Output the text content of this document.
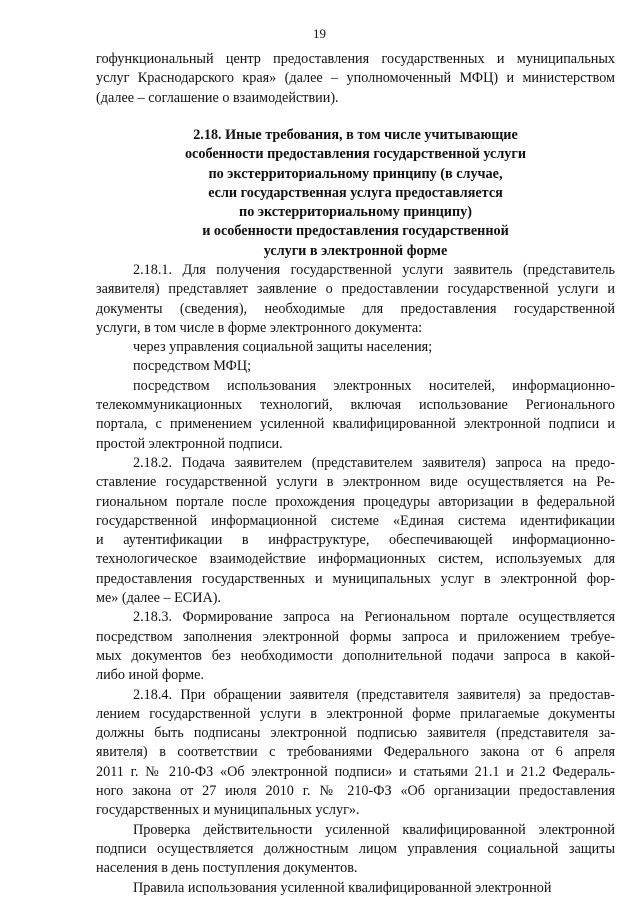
19
гофункциональный центр предоставления государственных и муниципальных
услуг Краснодарского края» (далее – уполномоченный МФЦ) и министерством
(далее – соглашение о взаимодействии).
2.18. Иные требования, в том числе учитывающие
особенности предоставления государственной услуги
по экстерриториальному принципу (в случае,
если государственная услуга предоставляется
по экстерриториальному принципу)
и особенности предоставления государственной
услуги в электронной форме

2.18.1. Для получения государственной услуги заявитель (представитель
заявителя) представляет заявление о предоставлении государственной услуги и
документы (сведения), необходимые для предоставления государственной
услуги, в том числе в форме электронного документа:

через управления социальной защиты населения;

посредством МФЦ;

посредством использования электронных носителей, информационно-
телекоммуникационных технологий, включая использование Регионального
портала, с применением усиленной квалифицированной электронной подписи и
простой электронной подписи.

2.18.2. Подача заявителем (представителем заявителя) запроса на предо-
ставление государственной услуги в электронном виде осуществляется на Ре-
гиональном портале после прохождения процедуры авторизации в федеральной
государственной информационной системе «Единая система идентификации
и аутентификации в инфраструктуре, обеспечивающей информационно-
технологическое взаимодействие информационных систем, используемых для
предоставления государственных и муниципальных услуг в электронной фор-
ме» (далее – ЕСИА).

2.18.3. Формирование запроса на Региональном портале осуществляется
посредством заполнения электронной формы запроса и приложением требуе-
мых документов без необходимости дополнительной подачи запроса в какой-
либо иной форме.

2.18.4. При обращении заявителя (представителя заявителя) за предостав-
лением государственной услуги в электронной форме прилагаемые документы
должны быть подписаны электронной подписью заявителя (представителя за-
явителя) в соответствии с требованиями Федерального закона от 6 апреля
2011 г. № 210-ФЗ «Об электронной подписи» и статьями 21.1 и 21.2 Федераль-
ного закона от 27 июля 2010 г. № 210-ФЗ «Об организации предоставления
государственных и муниципальных услуг».

Проверка действительности усиленной квалифицированной электронной
подписи осуществляется должностным лицом управления социальной защиты
населения в день поступления документов.

Правила использования усиленной квалифицированной электронной
